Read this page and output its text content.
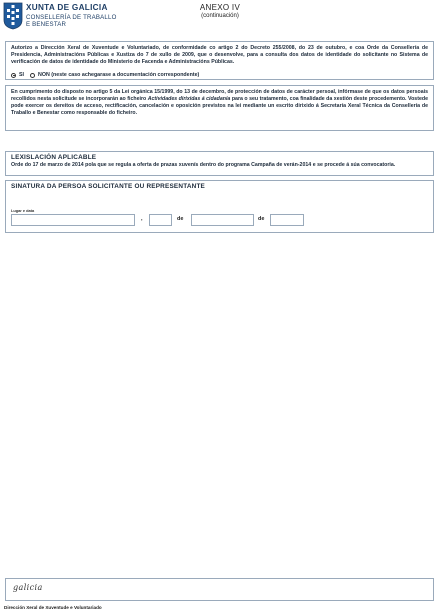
XUNTA DE GALICIA
CONSELLERÍA DE TRABALLO
E BENESTAR
ANEXO IV
(continuación)
Autorizo a Dirección Xeral de Xuventude e Voluntariado, de conformidade co artigo 2 do Decreto 255/2008, do 23 de outubro, e coa Orde da Consellería de Presidencia, Administracións Públicas e Xustiza do 7 de xullo de 2009, que o desenvolve, para a consulta dos datos de identidade do solicitante no Sistema de verificación de datos de identidade do Ministerio de Facenda e Administracións Públicas.
SI	NON (neste caso achegarase a documentación correspondente)
En cumprimento do disposto no artigo 5 da Lei orgánica 15/1999, do 13 de decembro, de protección de datos de carácter persoal, infórmase de que os datos persoais recollidos nesta solicitude se incorporarán ao ficheiro Actividades dirixidas á cidadanía para o seu tratamento, coa finalidade da xestión deste procedemento. Vostede pode exercer os dereitos de acceso, rectificación, cancelación e oposición previstos na lei mediante un escrito dirixido á Secretaría Xeral Técnica da Consellería de Traballo e Benestar como responsable do ficheiro.
LEXISLACIÓN APLICABLE
Orde do 17 de marzo de 2014 pola que se regula a oferta de prazas xuvenís dentro do programa Campaña de verán-2014 e se procede á súa convocatoria.
SINATURA DA PERSOA SOLICITANTE OU REPRESENTANTE
Lugar e data
,	de	de
galicia
Dirección Xeral de Xuventude e Voluntariado
